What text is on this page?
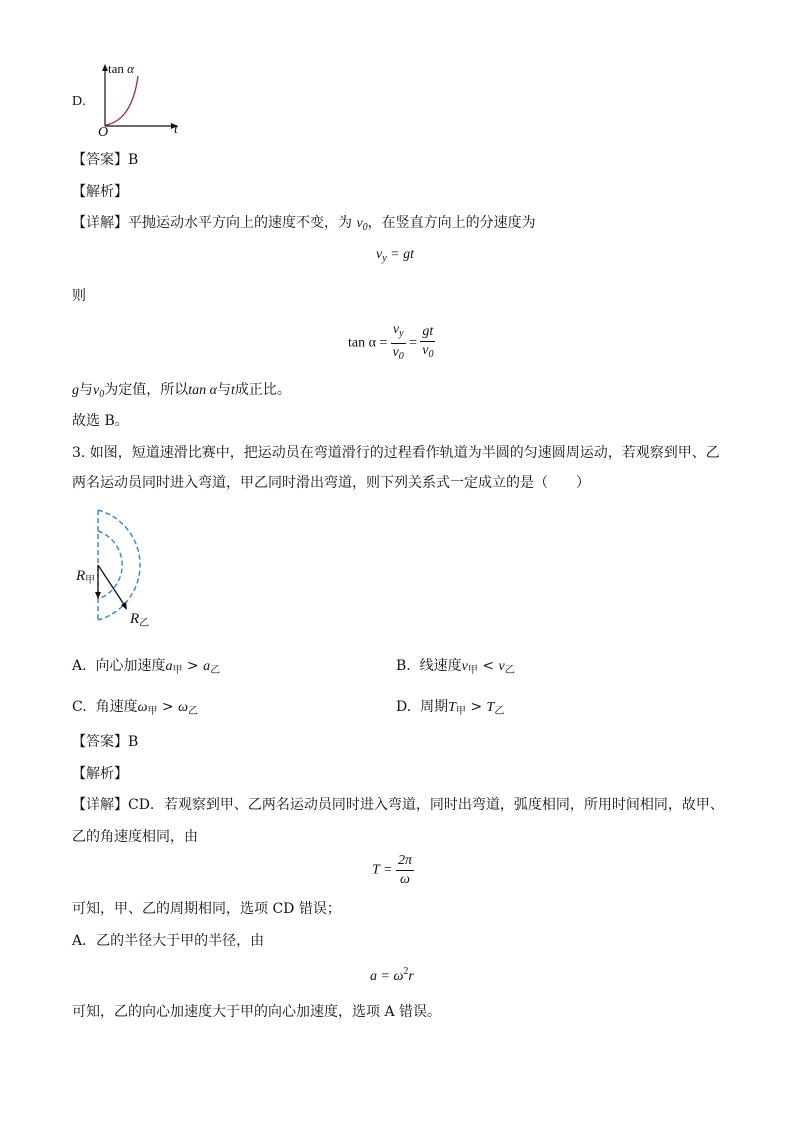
D.
tan α
O	t
【答案】B
【解析】
【详解】平抛运动水平方向上的速度不变，为 $v_0$，在竖直方向上的分速度为
$v_y$ = gt
则
$\tan \alpha = \frac{v_y}{v_0} = \frac{gt}{v_0}$
g与$v_0$为定值，所以tan α与t成正比。
故选 B。
3. 如图，短道速滑比赛中，把运动员在弯道滑行的过程看作轨道为半圆的匀速圆周运动，若观察到甲、乙
两名运动员同时进入弯道，甲乙同时滑出弯道，则下列关系式一定成立的是（　　）
$R_甲$
$R_乙$
A. 向心加速度$a_甲 > a_乙$	B. 线速度$v_甲 < v_乙$
C. 角速度$\omega_甲 > \omega_乙$	D. 周期$T_甲 > T_乙$
【答案】B
【解析】
【详解】CD．若观察到甲、乙两名运动员同时进入弯道，同时出弯道，弧度相同，所用时间相同，故甲、
乙的角速度相同，由
$T = \frac{2\pi}{\omega}$
可知，甲、乙的周期相同，选项 CD 错误；
A．乙的半径大于甲的半径，由
$a = \omega^2r$
可知，乙的向心加速度大于甲的向心加速度，选项 A 错误。
